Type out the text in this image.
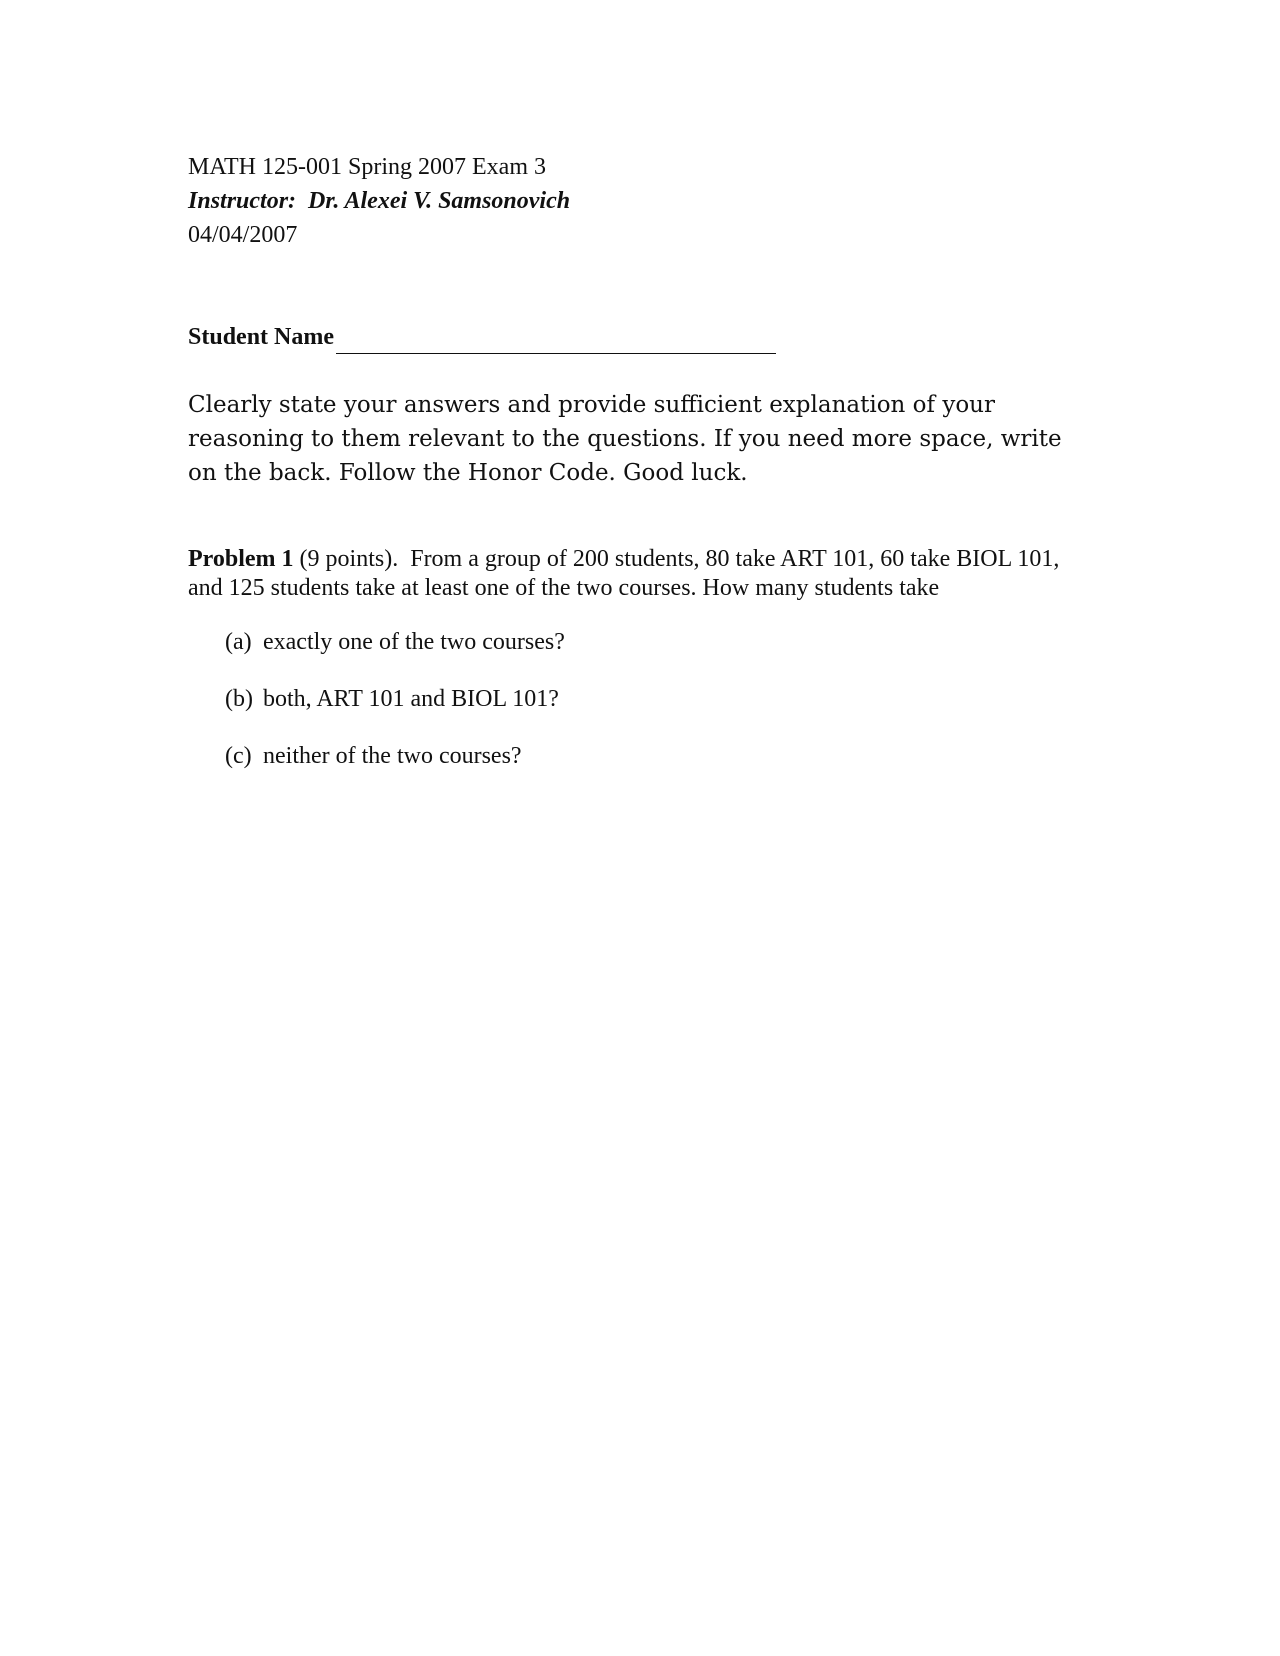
MATH 125-001 Spring 2007 Exam 3
Instructor: Dr. Alexei V. Samsonovich
04/04/2007
Student Name
Clearly state your answers and provide sufficient explanation of your reasoning to them relevant to the questions. If you need more space, write on the back. Follow the Honor Code. Good luck.
Problem 1 (9 points). From a group of 200 students, 80 take ART 101, 60 take BIOL 101, and 125 students take at least one of the two courses. How many students take
(a) exactly one of the two courses?
(b) both, ART 101 and BIOL 101?
(c) neither of the two courses?
